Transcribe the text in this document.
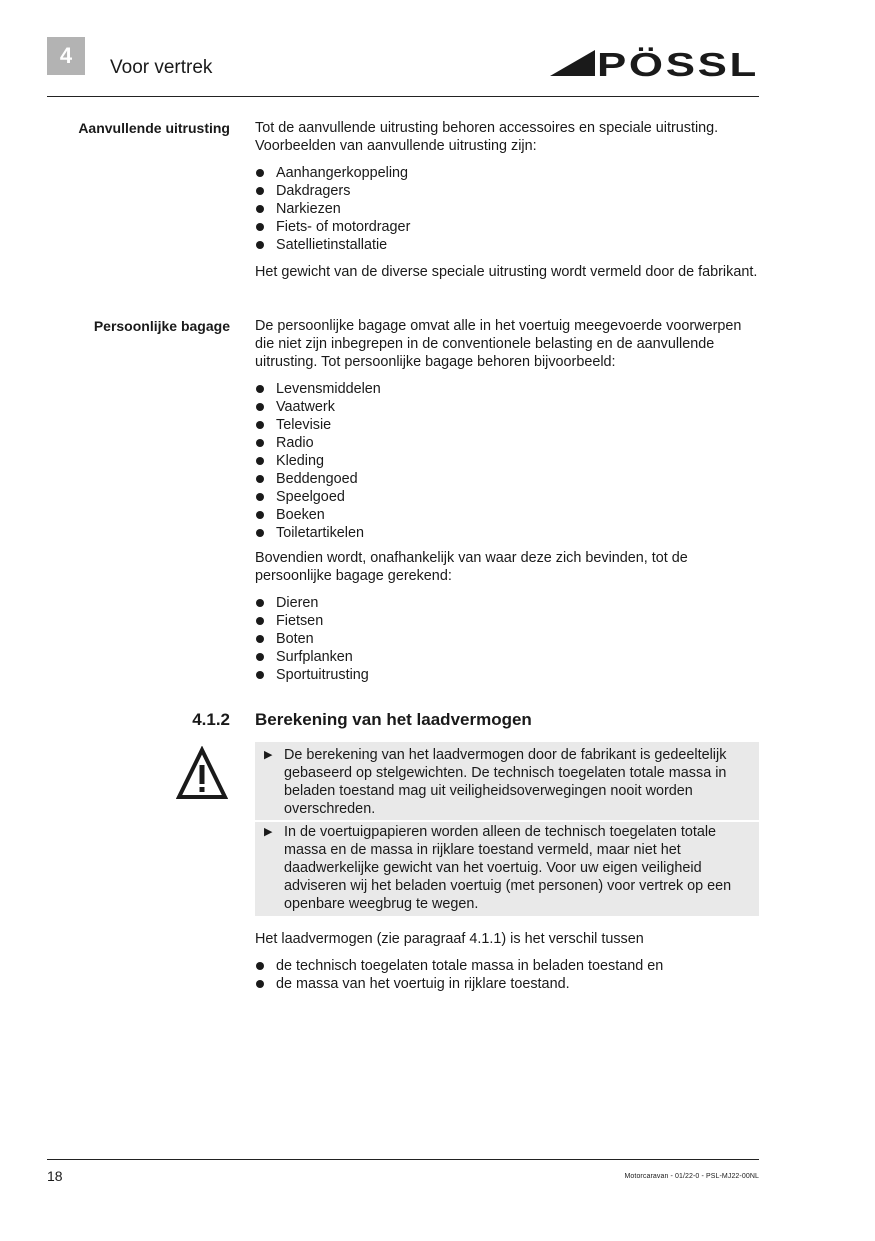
4	Voor vertrek	PÖSSL
Aanvullende uitrusting Tot de aanvullende uitrusting behoren accessoires en speciale uitrusting. Voorbeelden van aanvullende uitrusting zijn:

Aanhangerkoppeling
Dakdragers
Narkiezen
Fiets- of motordrager
Satellietinstallatie

Het gewicht van de diverse speciale uitrusting wordt vermeld door de fabrikant.

Persoonlijke bagage De persoonlijke bagage omvat alle in het voertuig meegevoerde voorwerpen die niet zijn inbegrepen in de conventionele belasting en de aanvullende uitrusting. Tot persoonlijke bagage behoren bijvoorbeeld:

Levensmiddelen
Vaatwerk
Televisie
Radio
Kleding
Beddengoed
Speelgoed
Boeken
Toiletartikelen

Bovendien wordt, onafhankelijk van waar deze zich bevinden, tot de persoonlijke bagage gerekend:

Dieren
Fietsen
Boten
Surfplanken
Sportuitrusting
4.1.2 Berekening van het laadvermogen
▶ De berekening van het laadvermogen door de fabrikant is gedeeltelijk gebaseerd op stelgewichten. De technisch toegelaten totale massa in beladen toestand mag uit veiligheidsoverwegingen nooit worden overschreden.
▶ In de voertuigpapieren worden alleen de technisch toegelaten totale massa en de massa in rijklare toestand vermeld, maar niet het daadwerkelijke gewicht van het voertuig. Voor uw eigen veiligheid adviseren wij het beladen voertuig (met personen) voor vertrek op een openbare weegbrug te wegen.

Het laadvermogen (zie paragraaf 4.1.1) is het verschil tussen

de technisch toegelaten totale massa in beladen toestand en
de massa van het voertuig in rijklare toestand.
18	Motorcaravan - 01/22-0 - PSL-MJ22-00NL
